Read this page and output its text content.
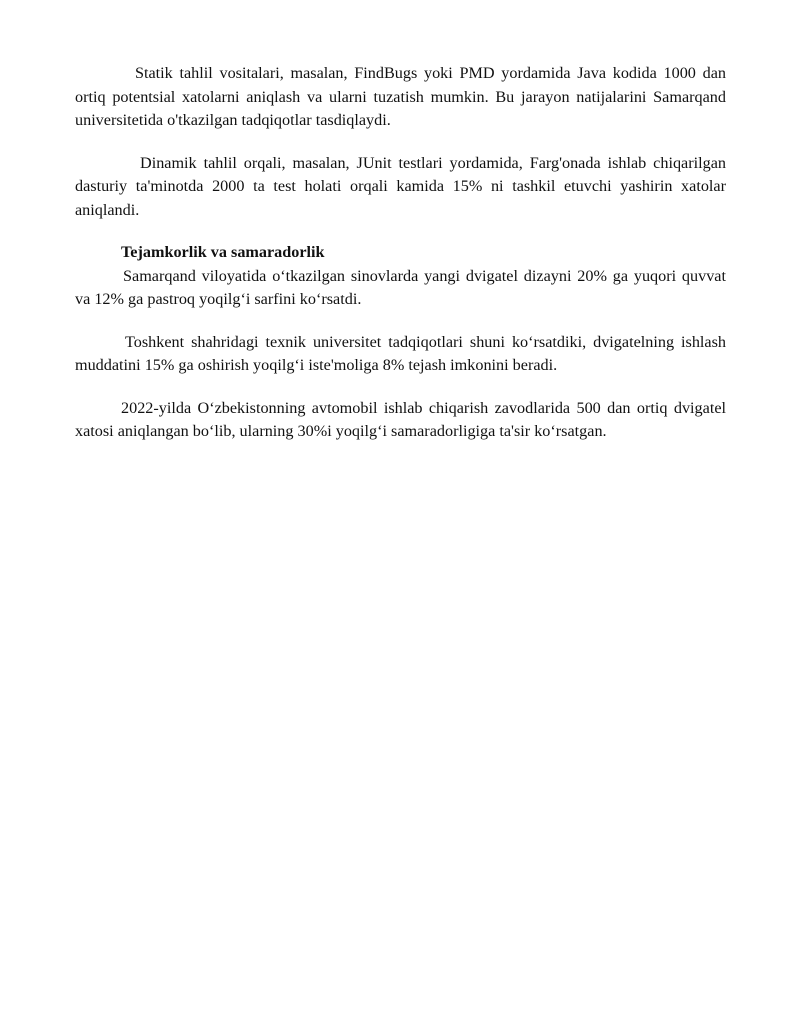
Statik tahlil vositalari, masalan, FindBugs yoki PMD yordamida Java kodida 1000 dan ortiq potentsial xatolarni aniqlash va ularni tuzatish mumkin. Bu jarayon natijalarini Samarqand universitetida o'tkazilgan tadqiqotlar tasdiqlaydi.

Dinamik tahlil orqali, masalan, JUnit testlari yordamida, Farg'onada ishlab chiqarilgan dasturiy ta'minotda 2000 ta test holati orqali kamida 15% ni tashkil etuvchi yashirin xatolar aniqlandi.

Tejamkorlik va samaradorlik

Samarqand viloyatida o‘tkazilgan sinovlarda yangi dvigatel dizayni 20% ga yuqori quvvat va 12% ga pastroq yoqilg‘i sarfini ko‘rsatdi.

Toshkent shahridagi texnik universitet tadqiqotlari shuni ko‘rsatdiki, dvigatelning ishlash muddatini 15% ga oshirish yoqilg‘i iste'moliga 8% tejash imkonini beradi.

2022-yilda O‘zbekistonning avtomobil ishlab chiqarish zavodlarida 500 dan ortiq dvigatel xatosi aniqlangan bo‘lib, ularning 30%i yoqilg‘i samaradorligiga ta'sir ko‘rsatgan.
